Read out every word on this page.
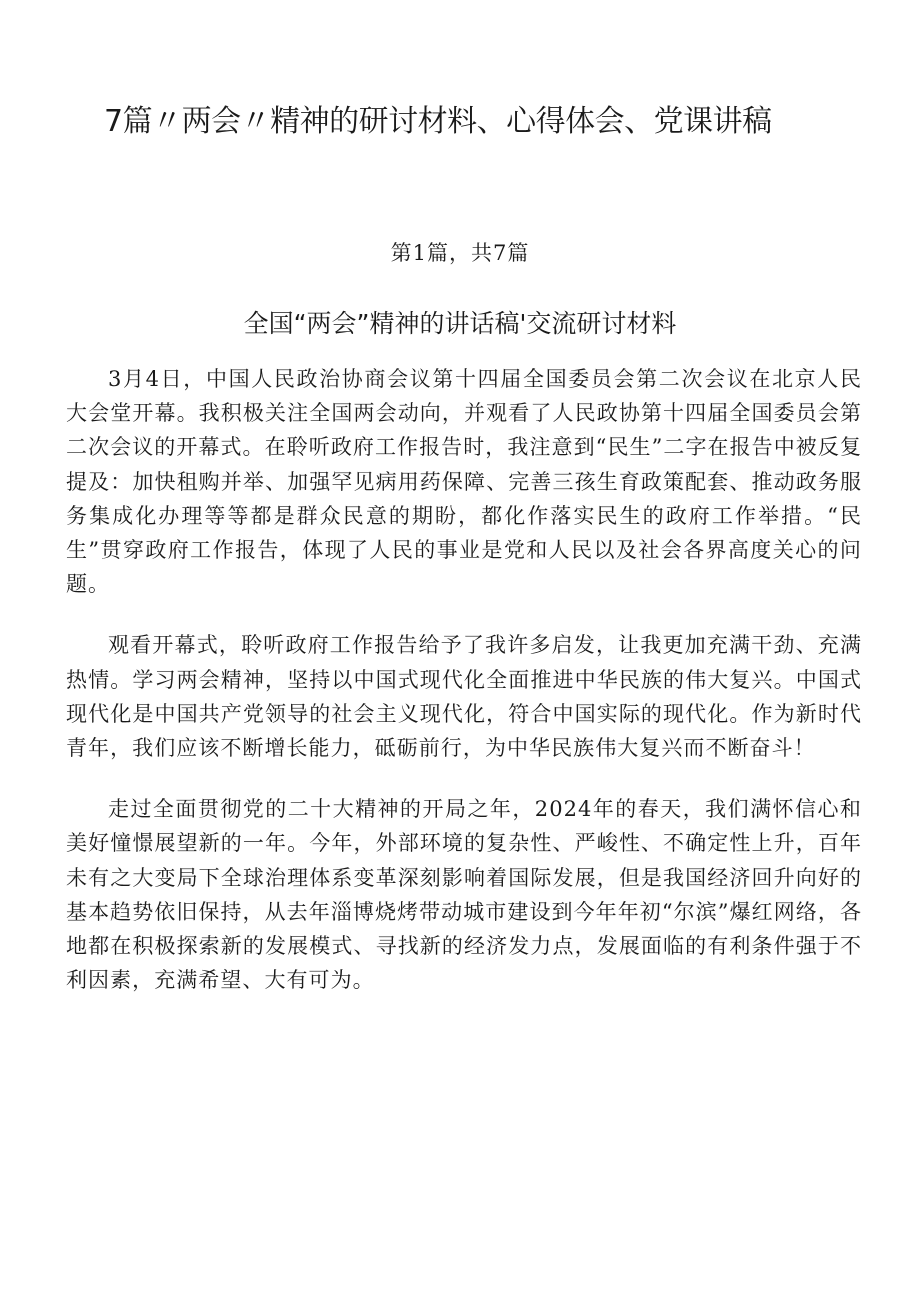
7篇〃两会〃精神的研讨材料、心得体会、党课讲稿
第1篇，共7篇
全国“两会”精神的讲话稿'交流研讨材料

3月4日，中国人民政治协商会议第十四届全国委员会第二次会议在北京人民大会堂开幕。我积极关注全国两会动向，并观看了人民政协第十四届全国委员会第二次会议的开幕式。在聆听政府工作报告时，我注意到“民生”二字在报告中被反复提及：加快租购并举、加强罕见病用药保障、完善三孩生育政策配套、推动政务服务集成化办理等等都是群众民意的期盼，都化作落实民生的政府工作举措。“民生”贯穿政府工作报告，体现了人民的事业是党和人民以及社会各界高度关心的问题。

观看开幕式，聆听政府工作报告给予了我许多启发，让我更加充满干劲、充满热情。学习两会精神，坚持以中国式现代化全面推进中华民族的伟大复兴。中国式现代化是中国共产党领导的社会主义现代化，符合中国实际的现代化。作为新时代青年，我们应该不断增长能力，砥砺前行，为中华民族伟大复兴而不断奋斗！

走过全面贯彻党的二十大精神的开局之年，2024年的春天，我们满怀信心和美好憧憬展望新的一年。今年，外部环境的复杂性、严峻性、不确定性上升，百年未有之大变局下全球治理体系变革深刻影响着国际发展，但是我国经济回升向好的基本趋势依旧保持，从去年淄博烧烤带动城市建设到今年年初“尔滨”爆红网络，各地都在积极探索新的发展模式、寻找新的经济发力点，发展面临的有利条件强于不利因素，充满希望、大有可为。
